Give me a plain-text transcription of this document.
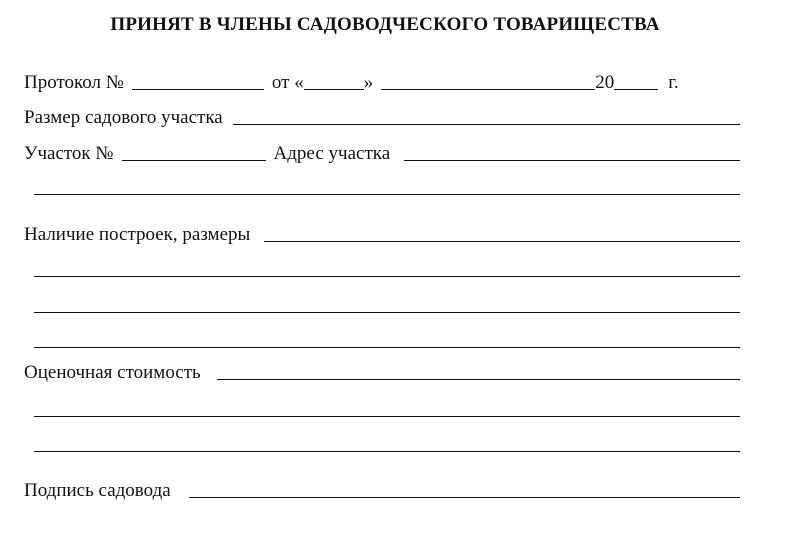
ПРИНЯТ В ЧЛЕНЫ САДОВОДЧЕСКОГО ТОВАРИЩЕСТВА
Протокол №	от «	»	20	г.
Размер садового участка
Участок №	Адрес участка
Наличие построек, размеры
Оценочная стоимость
Подпись садовода
